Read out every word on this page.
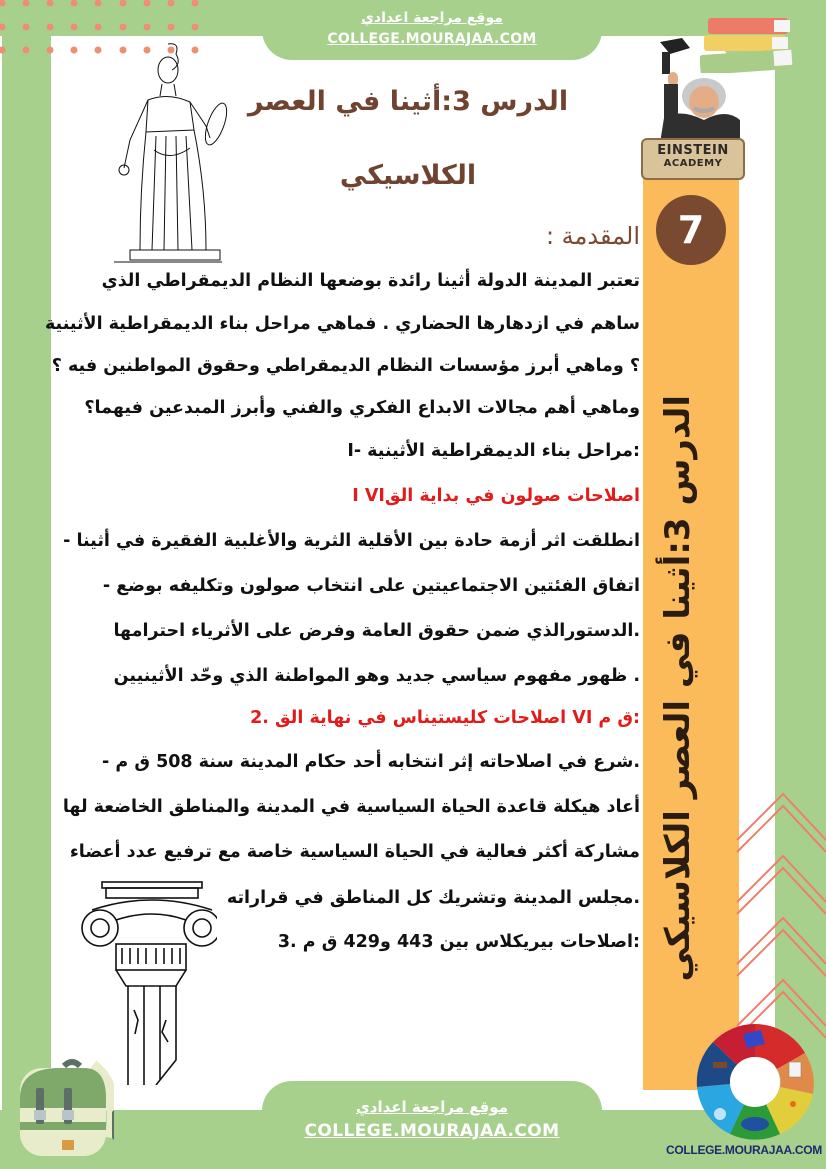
موقع مراجعة اعدادي
COLLEGE.MOURAJAA.COM
موقع مراجعة اعدادي
COLLEGE.MOURAJAA.COM
7
الدرس 3:أثينا في العصر الكلاسيكي
COLLEGE.MOURAJAA.COM
EINSTEIN
ACADEMY
الدرس 3:أثينا في العصر
الكلاسيكي
المقدمة :
تعتبر المدينة الدولة أثينا رائدة بوضعها النظام الديمقراطي الذي
ساهم في ازدهارها الحضاري . فماهي مراحل بناء الديمقراطية الأثينية
؟ وماهي أبرز مؤسسات النظام الديمقراطي وحقوق المواطنين فيه ؟
وماهي أهم مجالات الابداع الفكري والفني وأبرز المبدعين فيهما؟
:مراحل بناء الديمقراطية الأثينية -I
اصلاحات صولون في بداية القI VI
انطلقت اثر أزمة حادة بين الأقلية الثرية والأغلبية الفقيرة في أثينا -
اتفاق الفئتين الاجتماعيتين على انتخاب صولون وتكليفه بوضع -
.الدستورالذي ضمن حقوق العامة وفرض على الأثرياء احترامها
. ظهور مفهوم سياسي جديد وهو المواطنة الذي وحّد الأثينيين
:ق م VI اصلاحات كليستيناس في نهاية الق .2
.شرع في اصلاحاته إثر انتخابه أحد حكام المدينة سنة 508 ق م -
أعاد هيكلة قاعدة الحياة السياسية في المدينة والمناطق الخاضعة لها
مشاركة أكثر فعالية في الحياة السياسية خاصة مع ترفيع عدد أعضاء
.مجلس المدينة وتشريك كل المناطق في قراراته
:اصلاحات بيريكلاس بين 443 و429 ق م .3
